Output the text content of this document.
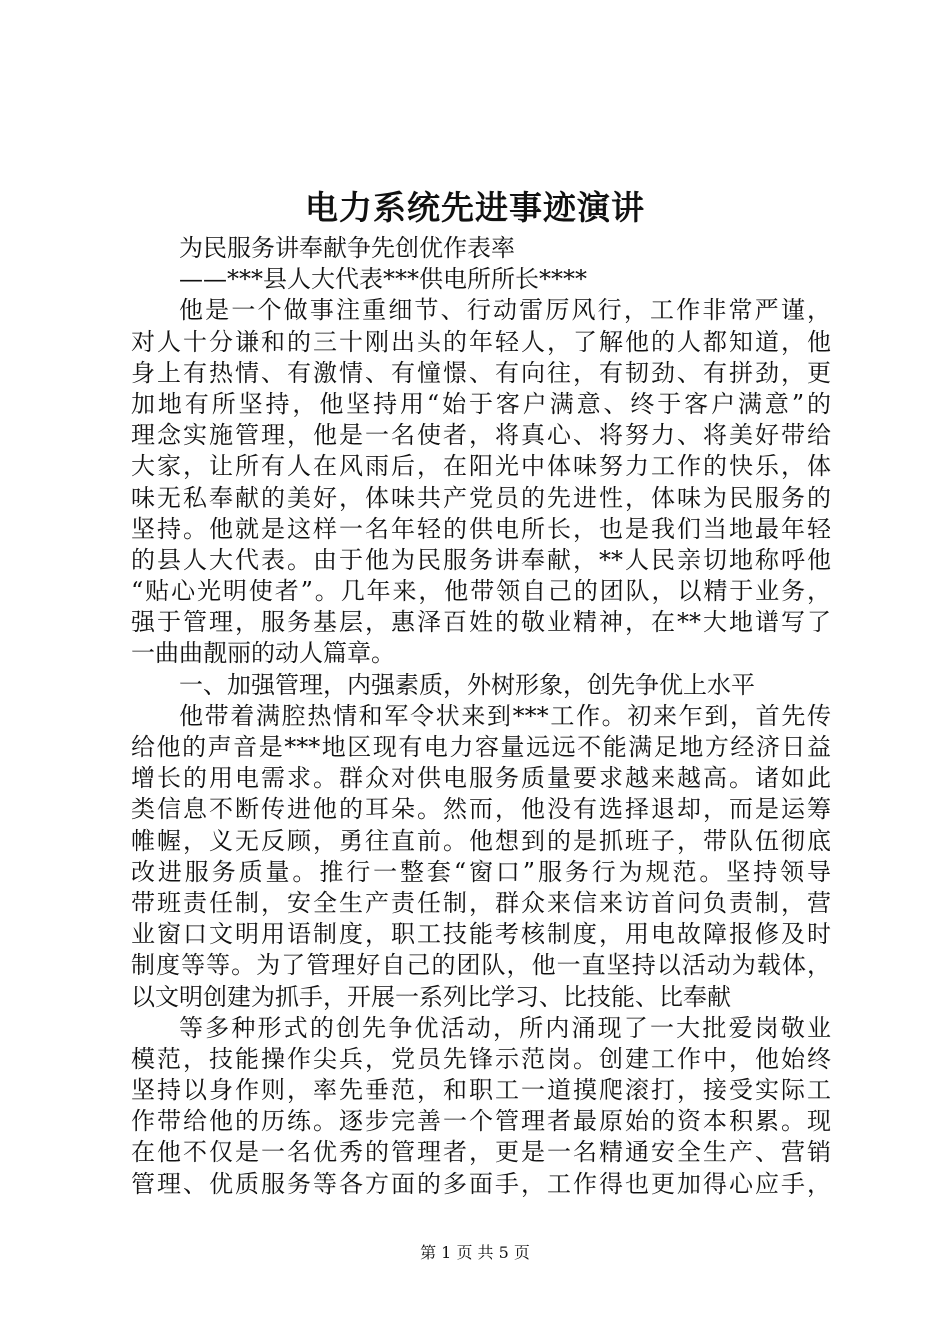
电力系统先进事迹演讲
为民服务讲奉献争先创优作表率
——***县人大代表***供电所所长****
他是一个做事注重细节、行动雷厉风行，工作非常严谨，
对人十分谦和的三十刚出头的年轻人，了解他的人都知道，他
身上有热情、有激情、有憧憬、有向往，有韧劲、有拼劲，更
加地有所坚持，他坚持用“始于客户满意、终于客户满意”的
理念实施管理，他是一名使者，将真心、将努力、将美好带给
大家，让所有人在风雨后，在阳光中体味努力工作的快乐，体
味无私奉献的美好，体味共产党员的先进性，体味为民服务的
坚持。他就是这样一名年轻的供电所长，也是我们当地最年轻
的县人大代表。由于他为民服务讲奉献，**人民亲切地称呼他
“贴心光明使者”。几年来，他带领自己的团队，以精于业务，
强于管理，服务基层，惠泽百姓的敬业精神，在**大地谱写了
一曲曲靓丽的动人篇章。
一、加强管理，内强素质，外树形象，创先争优上水平
他带着满腔热情和军令状来到***工作。初来乍到，首先传
给他的声音是***地区现有电力容量远远不能满足地方经济日益
增长的用电需求。群众对供电服务质量要求越来越高。诸如此
类信息不断传进他的耳朵。然而，他没有选择退却，而是运筹
帷幄，义无反顾，勇往直前。他想到的是抓班子，带队伍彻底
改进服务质量。推行一整套“窗口”服务行为规范。坚持领导
带班责任制，安全生产责任制，群众来信来访首问负责制，营
业窗口文明用语制度，职工技能考核制度，用电故障报修及时
制度等等。为了管理好自己的团队，他一直坚持以活动为载体，
以文明创建为抓手，开展一系列比学习、比技能、比奉献
等多种形式的创先争优活动，所内涌现了一大批爱岗敬业
模范，技能操作尖兵，党员先锋示范岗。创建工作中，他始终
坚持以身作则，率先垂范，和职工一道摸爬滚打，接受实际工
作带给他的历练。逐步完善一个管理者最原始的资本积累。现
在他不仅是一名优秀的管理者，更是一名精通安全生产、营销
管理、优质服务等各方面的多面手，工作得也更加得心应手，
第 1 页 共 5 页
